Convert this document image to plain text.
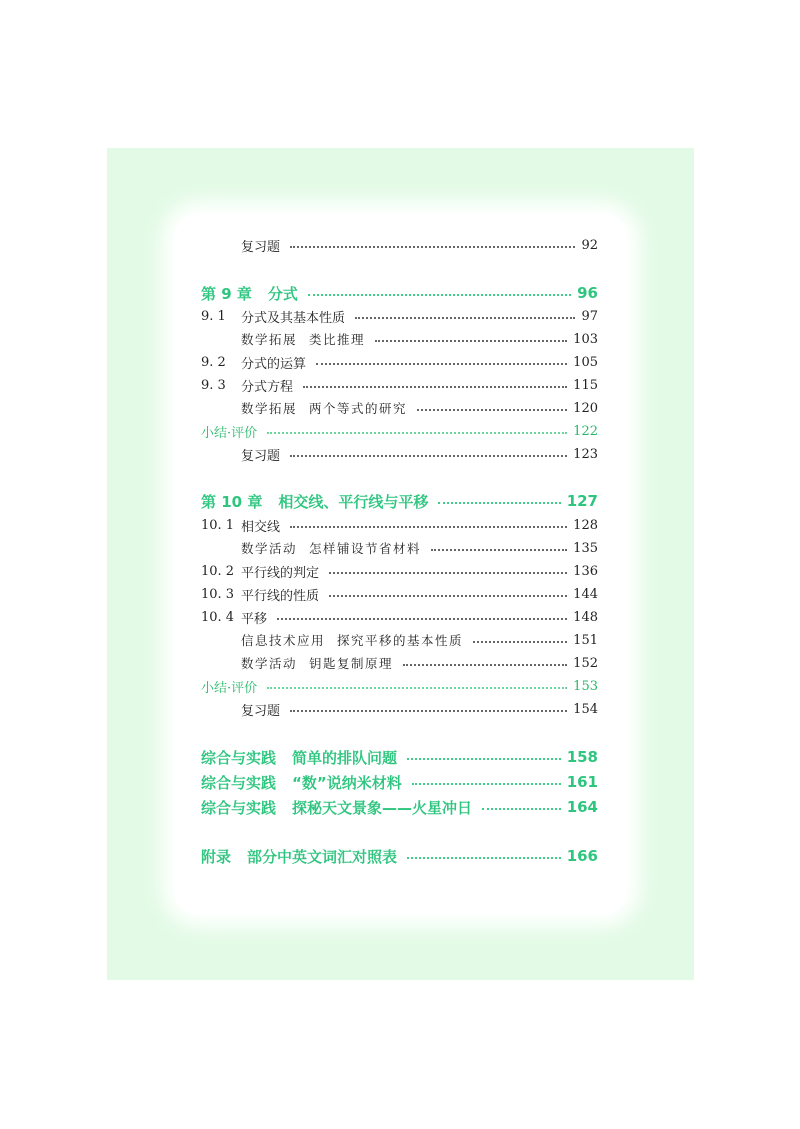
复习题	92
第 9 章 分式	96
9. 1	分式及其基本性质	97
数学拓展 类比推理	103
9. 2	分式的运算	105
9. 3	分式方程	115
数学拓展 两个等式的研究	120
小结·评价	122
复习题	123
第 10 章 相交线、平行线与平移	127
10. 1 相交线	128
数学活动 怎样铺设节省材料	135
10. 2 平行线的判定	136
10. 3 平行线的性质	144
10. 4 平移	148
信息技术应用 探究平移的基本性质	151
数学活动 钥匙复制原理	152
小结·评价	153
复习题	154
综合与实践 简单的排队问题	158
综合与实践 “数”说纳米材料	161
综合与实践 探秘天文景象——火星冲日	164
附录 部分中英文词汇对照表	166
